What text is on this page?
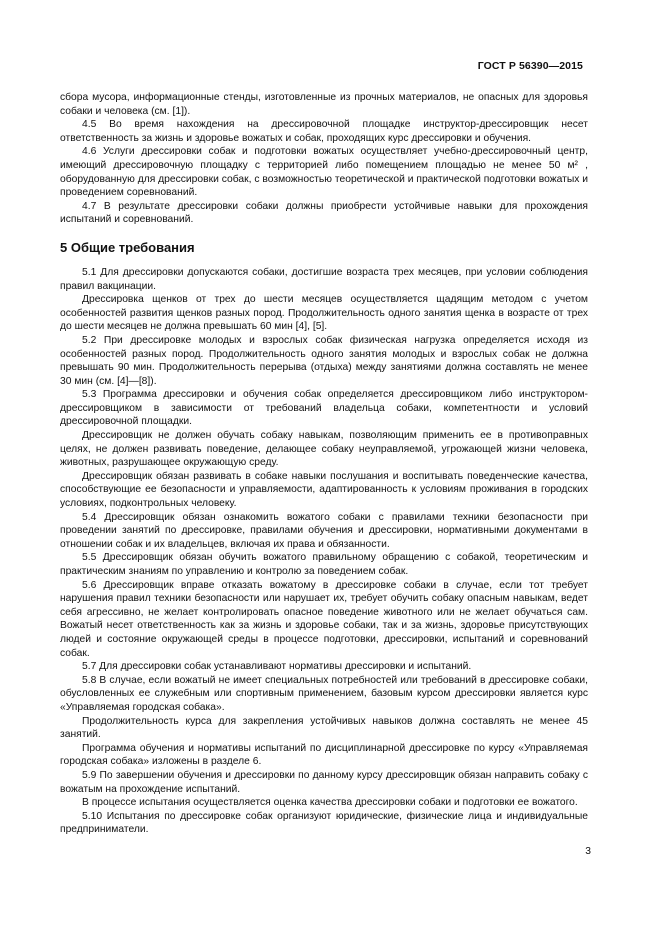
ГОСТ Р 56390—2015

сбора мусора, информационные стенды, изготовленные из прочных материалов, не опасных для здоровья собаки и человека (см. [1]).

4.5 Во время нахождения на дрессировочной площадке инструктор-дрессировщик несет ответственность за жизнь и здоровье вожатых и собак, проходящих курс дрессировки и обучения.

4.6 Услуги дрессировки собак и подготовки вожатых осуществляет учебно-дрессировочный центр, имеющий дрессировочную площадку с территорией либо помещением площадью не менее 50 м² , оборудованную для дрессировки собак, с возможностью теоретической и практической подготовки вожатых и проведением соревнований.

4.7 В результате дрессировки собаки должны приобрести устойчивые навыки для прохождения испытаний и соревнований.

5 Общие требования

5.1 Для дрессировки допускаются собаки, достигшие возраста трех месяцев, при условии соблюдения правил вакцинации.

Дрессировка щенков от трех до шести месяцев осуществляется щадящим методом с учетом особенностей развития щенков разных пород. Продолжительность одного занятия щенка в возрасте от трех до шести месяцев не должна превышать 60 мин [4], [5].

5.2 При дрессировке молодых и взрослых собак физическая нагрузка определяется исходя из особенностей разных пород. Продолжительность одного занятия молодых и взрослых собак не должна превышать 90 мин. Продолжительность перерыва (отдыха) между занятиями должна составлять не менее 30 мин (см. [4]—[8]).

5.3 Программа дрессировки и обучения собак определяется дрессировщиком либо инструктором-дрессировщиком в зависимости от требований владельца собаки, компетентности и условий дрессировочной площадки.

Дрессировщик не должен обучать собаку навыкам, позволяющим применить ее в противоправных целях, не должен развивать поведение, делающее собаку неуправляемой, угрожающей жизни человека, животных, разрушающее окружающую среду.

Дрессировщик обязан развивать в собаке навыки послушания и воспитывать поведенческие качества, способствующие ее безопасности и управляемости, адаптированность к условиям проживания в городских условиях, подконтрольных человеку.

5.4 Дрессировщик обязан ознакомить вожатого собаки с правилами техники безопасности при проведении занятий по дрессировке, правилами обучения и дрессировки, нормативными документами в отношении собак и их владельцев, включая их права и обязанности.

5.5 Дрессировщик обязан обучить вожатого правильному обращению с собакой, теоретическим и практическим знаниям по управлению и контролю за поведением собак.

5.6 Дрессировщик вправе отказать вожатому в дрессировке собаки в случае, если тот требует нарушения правил техники безопасности или нарушает их, требует обучить собаку опасным навыкам, ведет себя агрессивно, не желает контролировать опасное поведение животного или не желает обучаться сам. Вожатый несет ответственность как за жизнь и здоровье собаки, так и за жизнь, здоровье присутствующих людей и состояние окружающей среды в процессе подготовки, дрессировки, испытаний и соревнований собак.

5.7 Для дрессировки собак устанавливают нормативы дрессировки и испытаний.

5.8 В случае, если вожатый не имеет специальных потребностей или требований в дрессировке собаки, обусловленных ее служебным или спортивным применением, базовым курсом дрессировки является курс «Управляемая городская собака».

Продолжительность курса для закрепления устойчивых навыков должна составлять не менее 45 занятий.

Программа обучения и нормативы испытаний по дисциплинарной дрессировке по курсу «Управляемая городская собака» изложены в разделе 6.

5.9 По завершении обучения и дрессировки по данному курсу дрессировщик обязан направить собаку с вожатым на прохождение испытаний.

В процессе испытания осуществляется оценка качества дрессировки собаки и подготовки ее вожатого.

5.10 Испытания по дрессировке собак организуют юридические, физические лица и индивидуальные предприниматели.

3
